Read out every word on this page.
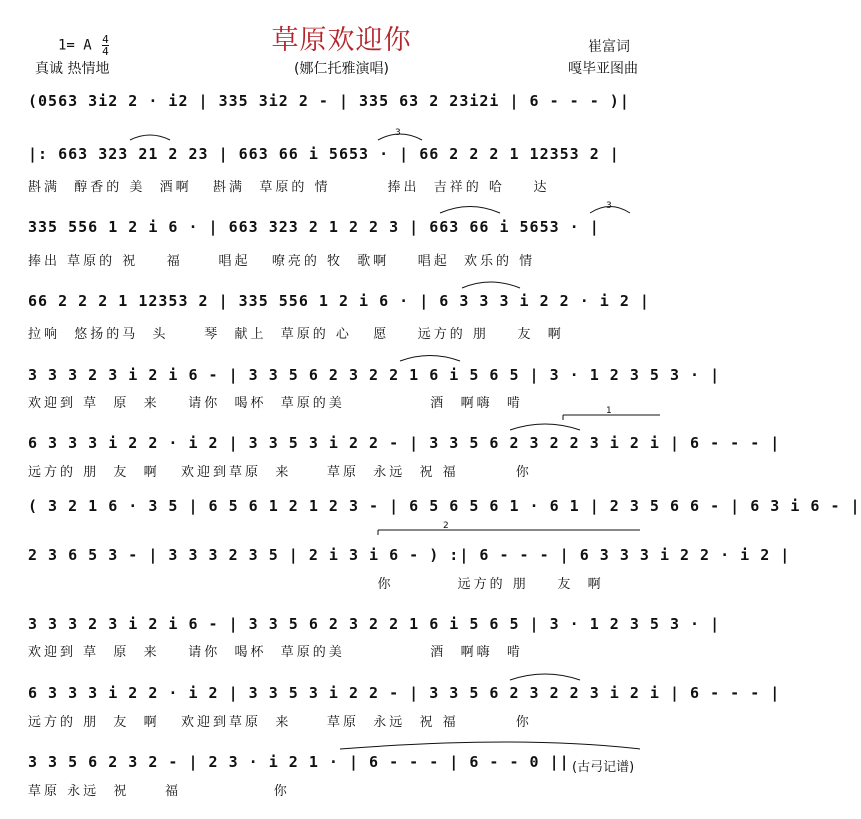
草原欢迎你
1= A $\frac{4}{4}$
真诚 热情地	(娜仁托雅演唱)
崔富词
嘎毕亚图曲
(0563 3i2 2 · i2 | 335 3i2 2 - | 335 63 2 23i2i | 6 - - - )|
|: 663 323 21 2 23 | 663 66 i 5653 · | 66 2 2 2 1 12353 2 |
斟满  醇香的 美  酒啊   斟满  草原的 情        捧出  吉祥的 哈    达
335 556 1 2 i 6 · | 663 323 2 1 2 2 3 | 663 66 i 5653 · |
捧出 草原的 祝    福     唱起   嘹亮的 牧  歌啊    唱起  欢乐的 情
66 2 2 2 1 12353 2 | 335 556 1 2 i 6 · | 6 3 3 3 i 2 2 · i 2 |
拉响  悠扬的马  头     琴  献上  草原的 心   愿    远方的 朋    友  啊
3 3 3 2 3 i 2 i 6 - | 3 3 5 6 2 3 2 2 1 6 i 5 6 5 | 3 · 1 2 3 5 3 · |
欢迎到 草  原  来    请你  喝杯  草原的美            酒  啊嗨  啃
6 3 3 3 i 2 2 · i 2 | 3 3 5 3 i 2 2 - | 3 3 5 6 2 3 2 2 3 i 2 i | 6 - - - |
远方的 朋  友  啊   欢迎到草原  来     草原  永远  祝 福        你
( 3 2 1 6 · 3 5 | 6 5 6 1 2 1 2 3 - | 6 5 6 5 6 1 · 6 1 | 2 3 5 6 6 - | 6 3 i 6 - |
2 3 6 5 3 - | 3 3 3 2 3 5 | 2 i 3 i 6 - ) :| 6 - - - | 6 3 3 3 i 2 2 · i 2 |
你         远方的 朋    友  啊
3 3 3 2 3 i 2 i 6 - | 3 3 5 6 2 3 2 2 1 6 i 5 6 5 | 3 · 1 2 3 5 3 · |
欢迎到 草  原  来    请你  喝杯  草原的美            酒  啊嗨  啃
6 3 3 3 i 2 2 · i 2 | 3 3 5 3 i 2 2 - | 3 3 5 6 2 3 2 2 3 i 2 i | 6 - - - |
远方的 朋  友  啊   欢迎到草原  来     草原  永远  祝 福        你
3 3 5 6 2 3 2 - | 2 3 · i 2 1 · | 6 - - - | 6 - - 0 ||
草原 永远  祝     福             你
(古弓记谱)
3
3
1
2
